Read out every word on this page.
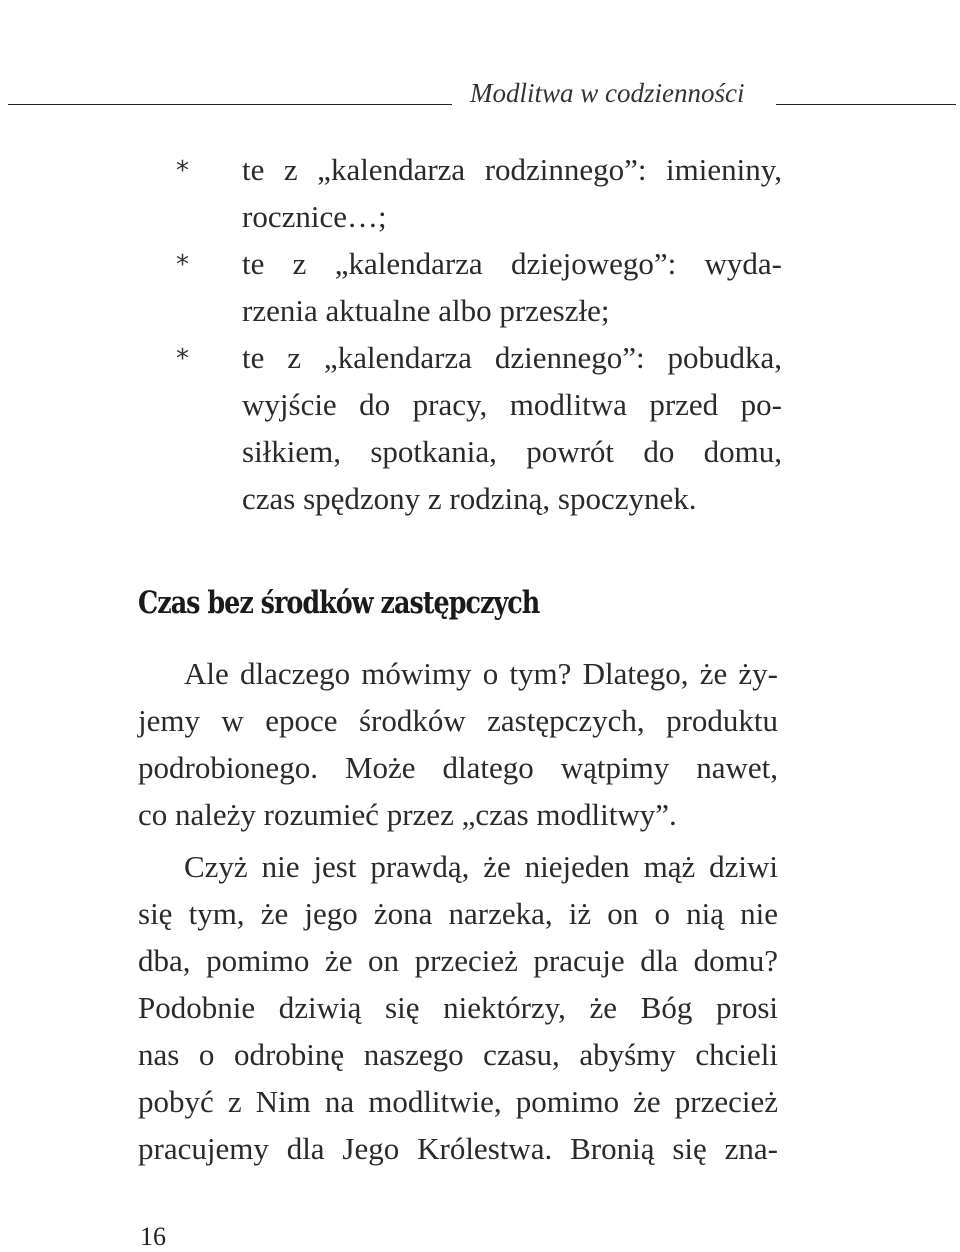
Modlitwa w codzienności
* te z „kalendarza rodzinnego”: imieniny,
rocznice…;
* te z „kalendarza dziejowego”: wyda-
rzenia aktualne albo przeszłe;
* te z „kalendarza dziennego”: pobudka,
wyjście do pracy, modlitwa przed po-
siłkiem, spotkania, powrót do domu,
czas spędzony z rodziną, spoczynek.
Czas bez środków zastępczych
Ale dlaczego mówimy o tym? Dlatego, że ży-
jemy w epoce środków zastępczych, produktu
podrobionego. Może dlatego wątpimy nawet,
co należy rozumieć przez „czas modlitwy”.
Czyż nie jest prawdą, że niejeden mąż dziwi
się tym, że jego żona narzeka, iż on o nią nie
dba, pomimo że on przecież pracuje dla domu?
Podobnie dziwią się niektórzy, że Bóg prosi
nas o odrobinę naszego czasu, abyśmy chcieli
pobyć z Nim na modlitwie, pomimo że przecież
pracujemy dla Jego Królestwa. Bronią się zna-
16
